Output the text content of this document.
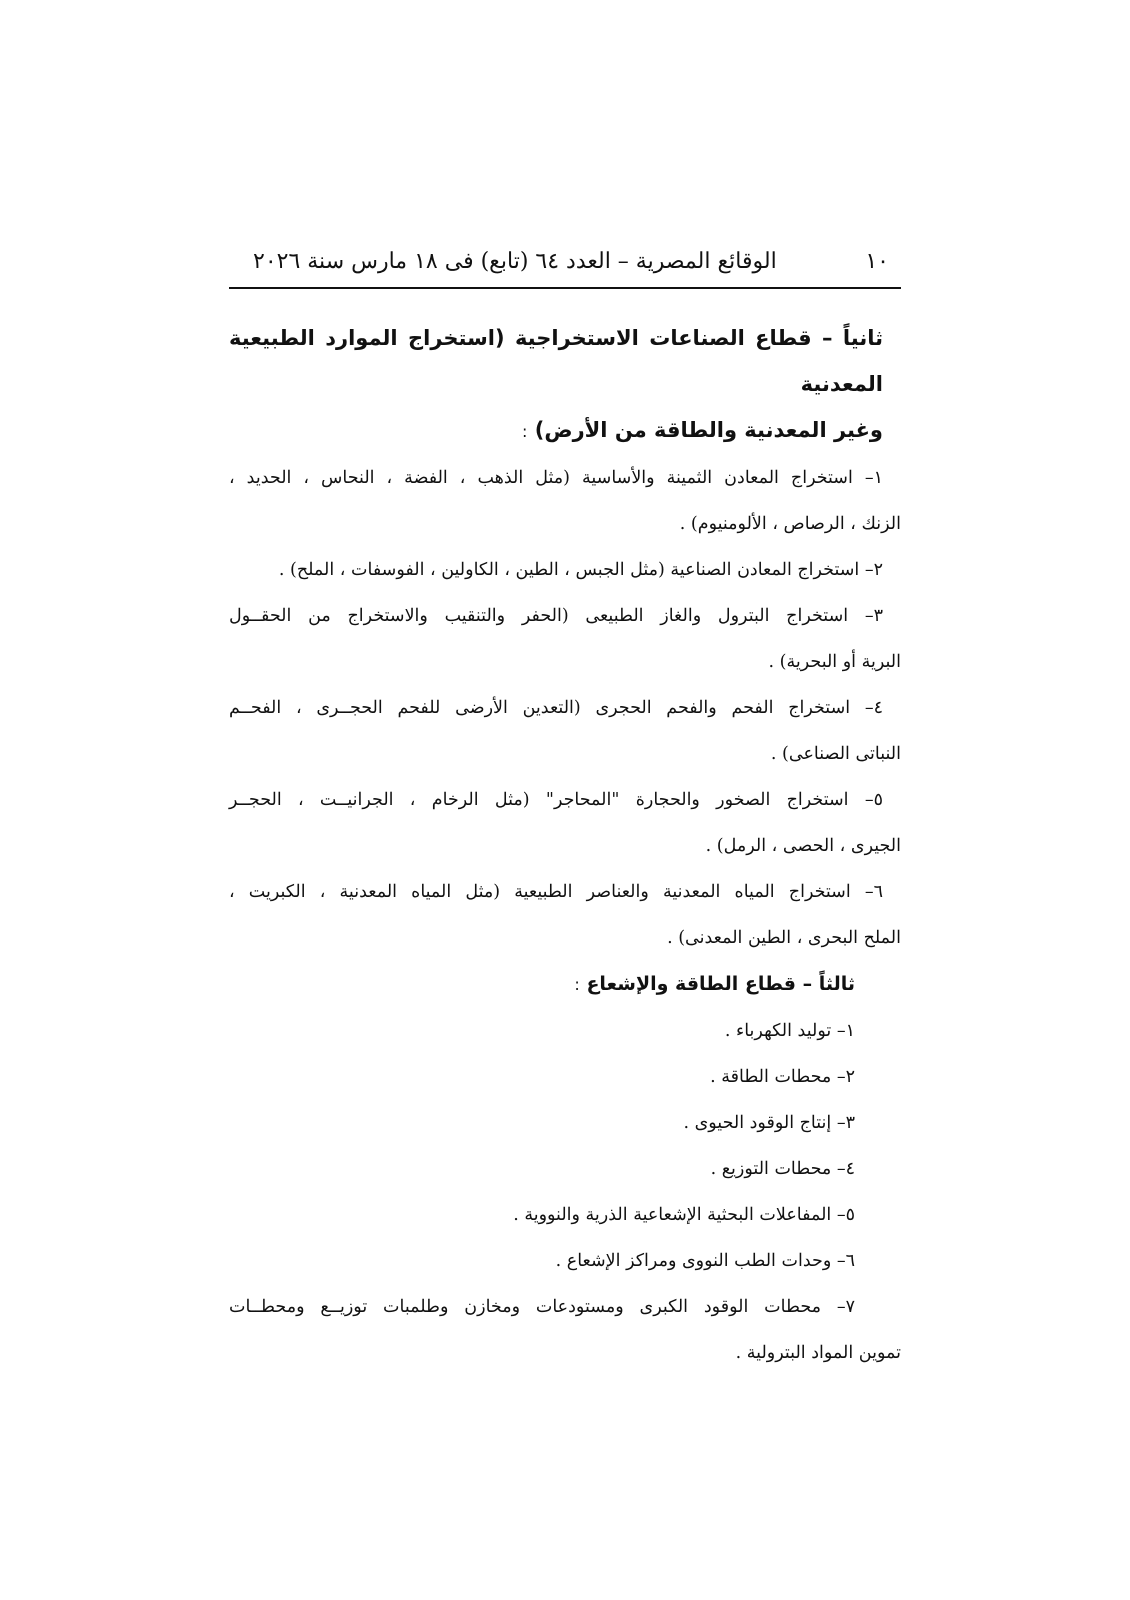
١٠
الوقائع المصرية – العدد ٦٤ (تابع) فى ١٨ مارس سنة ٢٠٢٦
ثانياً – قطاع الصناعات الاستخراجية (استخراج الموارد الطبيعية المعدنية
وغير المعدنية والطاقة من الأرض) :
١– استخراج المعادن الثمينة والأساسية (مثل الذهب ، الفضة ، النحاس ، الحديد ،
الزنك ، الرصاص ، الألومنيوم) .
٢– استخراج المعادن الصناعية (مثل الجبس ، الطين ، الكاولين ، الفوسفات ، الملح) .
٣– استخراج البترول والغاز الطبيعى (الحفر والتنقيب والاستخراج من الحقــول
البرية أو البحرية) .
٤– استخراج الفحم والفحم الحجرى (التعدين الأرضى للفحم الحجــرى ، الفحــم
النباتى الصناعى) .
٥– استخراج الصخور والحجارة "المحاجر" (مثل الرخام ، الجرانيــت ، الحجــر
الجيرى ، الحصى ، الرمل) .
٦– استخراج المياه المعدنية والعناصر الطبيعية (مثل المياه المعدنية ، الكبريت ،
الملح البحرى ، الطين المعدنى) .
ثالثاً – قطاع الطاقة والإشعاع :
١– توليد الكهرباء .
٢– محطات الطاقة .
٣– إنتاج الوقود الحيوى .
٤– محطات التوزيع .
٥– المفاعلات البحثية الإشعاعية الذرية والنووية .
٦– وحدات الطب النووى ومراكز الإشعاع .
٧– محطات الوقود الكبرى ومستودعات ومخازن وطلمبات توزيــع ومحطــات
تموين المواد البترولية .
